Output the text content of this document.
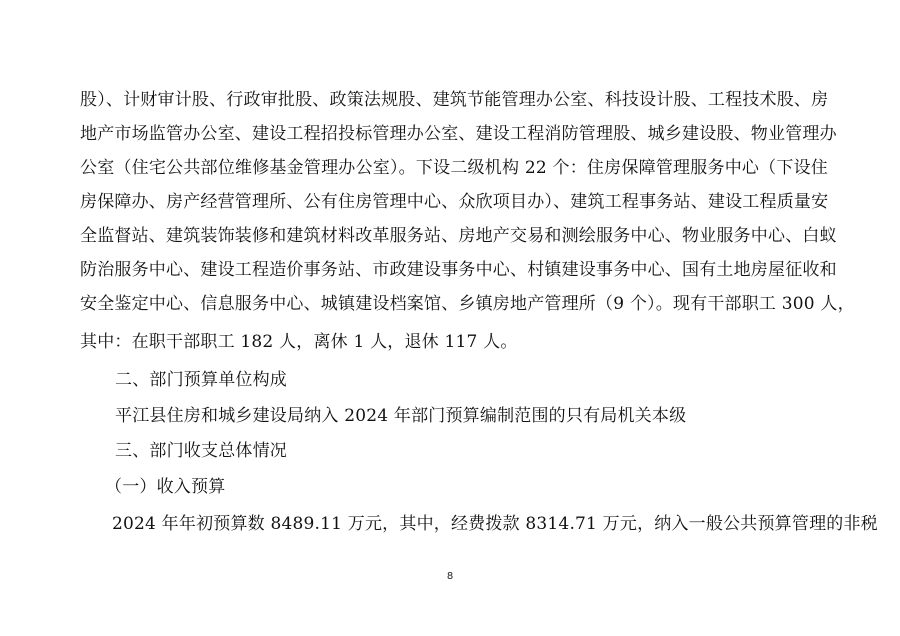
股）、计财审计股、行政审批股、政策法规股、建筑节能管理办公室、科技设计股、工程技术股、房
地产市场监管办公室、建设工程招投标管理办公室、建设工程消防管理股、城乡建设股、物业管理办
公室（住宅公共部位维修基金管理办公室）。下设二级机构 22 个：住房保障管理服务中心（下设住
房保障办、房产经营管理所、公有住房管理中心、众欣项目办）、建筑工程事务站、建设工程质量安
全监督站、建筑装饰装修和建筑材料改革服务站、房地产交易和测绘服务中心、物业服务中心、白蚁
防治服务中心、建设工程造价事务站、市政建设事务中心、村镇建设事务中心、国有土地房屋征收和
安全鉴定中心、信息服务中心、城镇建设档案馆、乡镇房地产管理所（9 个）。现有干部职工 300 人，
其中：在职干部职工 182 人，离休 1 人，退休 117 人。
二、部门预算单位构成
平江县住房和城乡建设局纳入 2024 年部门预算编制范围的只有局机关本级
三、部门收支总体情况
（一）收入预算
2024 年年初预算数 8489.11 万元，其中，经费拨款 8314.71 万元，纳入一般公共预算管理的非税
8
